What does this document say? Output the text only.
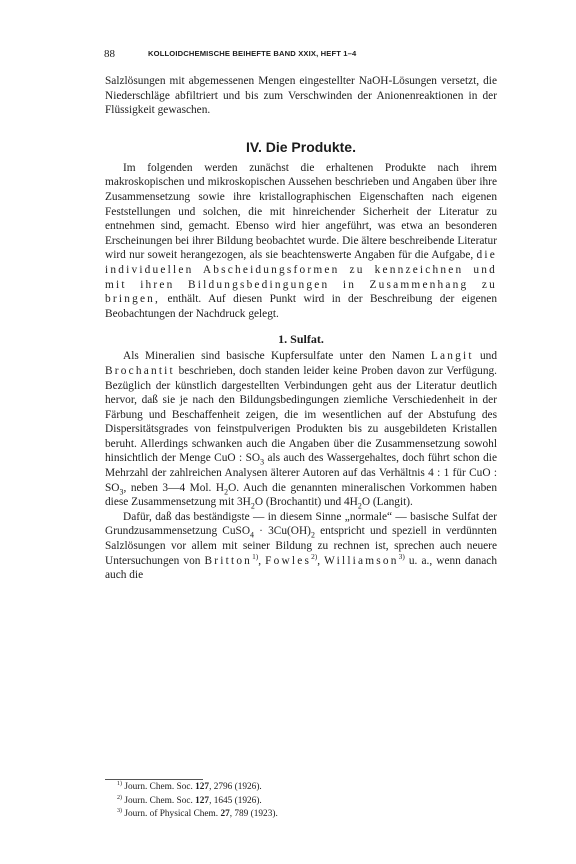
88	KOLLOIDCHEMISCHE BEIHEFTE BAND XXIX, HEFT 1–4

Salzlösungen mit abgemessenen Mengen eingestellter NaOH-Lösungen versetzt, die Niederschläge abfiltriert und bis zum Verschwinden der Anionenreaktionen in der Flüssigkeit gewaschen.

IV. Die Produkte.

Im folgenden werden zunächst die erhaltenen Produkte nach ihrem makroskopischen und mikroskopischen Aussehen beschrieben und Angaben über ihre Zusammensetzung sowie ihre kristallographischen Eigenschaften nach eigenen Feststellungen und solchen, die mit hinreichender Sicherheit der Literatur zu entnehmen sind, gemacht. Ebenso wird hier angeführt, was etwa an besonderen Erscheinungen bei ihrer Bildung beobachtet wurde. Die ältere beschreibende Literatur wird nur soweit herangezogen, als sie beachtenswerte Angaben für die Aufgabe, die individuellen Abscheidungsformen zu kennzeichnen und mit ihren Bildungsbedingungen in Zusammenhang zu bringen, enthält. Auf diesen Punkt wird in der Beschreibung der eigenen Beobachtungen der Nachdruck gelegt.

1. Sulfat.

Als Mineralien sind basische Kupfersulfate unter den Namen Langit und Brochantit beschrieben, doch standen leider keine Proben davon zur Verfügung. Bezüglich der künstlich dargestellten Verbindungen geht aus der Literatur deutlich hervor, daß sie je nach den Bildungsbedingungen ziemliche Verschiedenheit in der Färbung und Beschaffenheit zeigen, die im wesentlichen auf der Abstufung des Dispersitätsgrades von feinstpulverigen Produkten bis zu ausgebildeten Kristallen beruht. Allerdings schwanken auch die Angaben über die Zusammensetzung sowohl hinsichtlich der Menge CuO : $SO_3$ als auch des Wassergehaltes, doch führt schon die Mehrzahl der zahlreichen Analysen älterer Autoren auf das Verhältnis 4 : 1 für CuO : $SO_3$, neben 3—4 Mol. $H_2O$. Auch die genannten mineralischen Vorkommen haben diese Zusammensetzung mit $3H_2O$ (Brochantit) und $4H_2O$ (Langit).

Dafür, daß das beständigste — in diesem Sinne „normale“ — basische Sulfat der Grundzusammensetzung CuSO$_4$ · $3Cu(OH)_2$ entspricht und speziell in verdünnten Salzlösungen vor allem mit seiner Bildung zu rechnen ist, sprechen auch neuere Untersuchungen von Britton$^{1)}$, Fowles$^{2)}$, Williamson$^{3)}$ u. a., wenn danach auch die

$^{1)}$ Journ. Chem. Soc. 127, 2796 (1926).
$^{2)}$ Journ. Chem. Soc. 127, 1645 (1926).
$^{3)}$ Journ. of Physical Chem. 27, 789 (1923).
